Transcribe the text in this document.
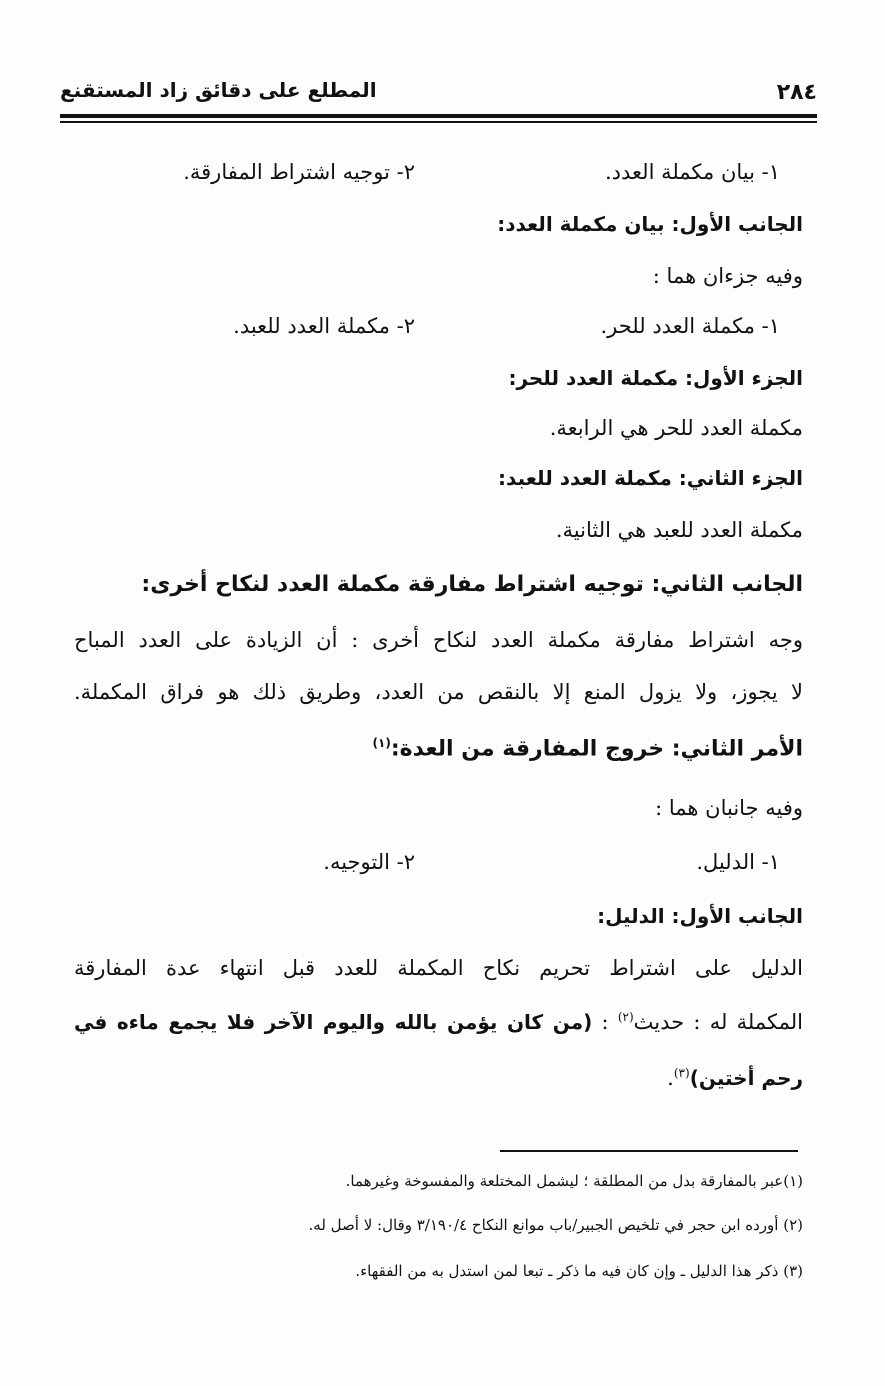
٢٨٤
المطلع على دقائق زاد المستقنع
١- بيان مكملة العدد.
٢- توجيه اشتراط المفارقة.
الجانب الأول: بيان مكملة العدد:
وفيه جزءان هما :
١- مكملة العدد للحر.
٢- مكملة العدد للعبد.
الجزء الأول: مكملة العدد للحر:
مكملة العدد للحر هي الرابعة.
الجزء الثاني: مكملة العدد للعبد:
مكملة العدد للعبد هي الثانية.
الجانب الثاني: توجيه اشتراط مفارقة مكملة العدد لنكاح أخرى:
وجه اشتراط مفارقة مكملة العدد لنكاح أخرى : أن الزيادة على العدد المباح
لا يجوز، ولا يزول المنع إلا بالنقص من العدد، وطريق ذلك هو فراق المكملة.
الأمر الثاني: خروج المفارقة من العدة:$^{(١)}$
وفيه جانبان هما :
١- الدليل.
٢- التوجيه.
الجانب الأول: الدليل:
الدليل على اشتراط تحريم نكاح المكملة للعدد قبل انتهاء عدة المفارقة
المكملة له : حديث$^{(٢)}$ : (من كان يؤمن بالله واليوم الآخر فلا يجمع ماءه في
رحم أختين)$^{(٣)}$.
(١)عبر بالمفارقة بدل من المطلقة ؛ ليشمل المختلعة والمفسوخة وغيرهما.
(٢) أورده ابن حجر في تلخيص الجبير/باب موانع النكاح ٣/١٩٠/٤ وقال: لا أصل له.
(٣) ذكر هذا الدليل ـ وإن كان فيه ما ذكر ـ تبعا لمن استدل به من الفقهاء.
